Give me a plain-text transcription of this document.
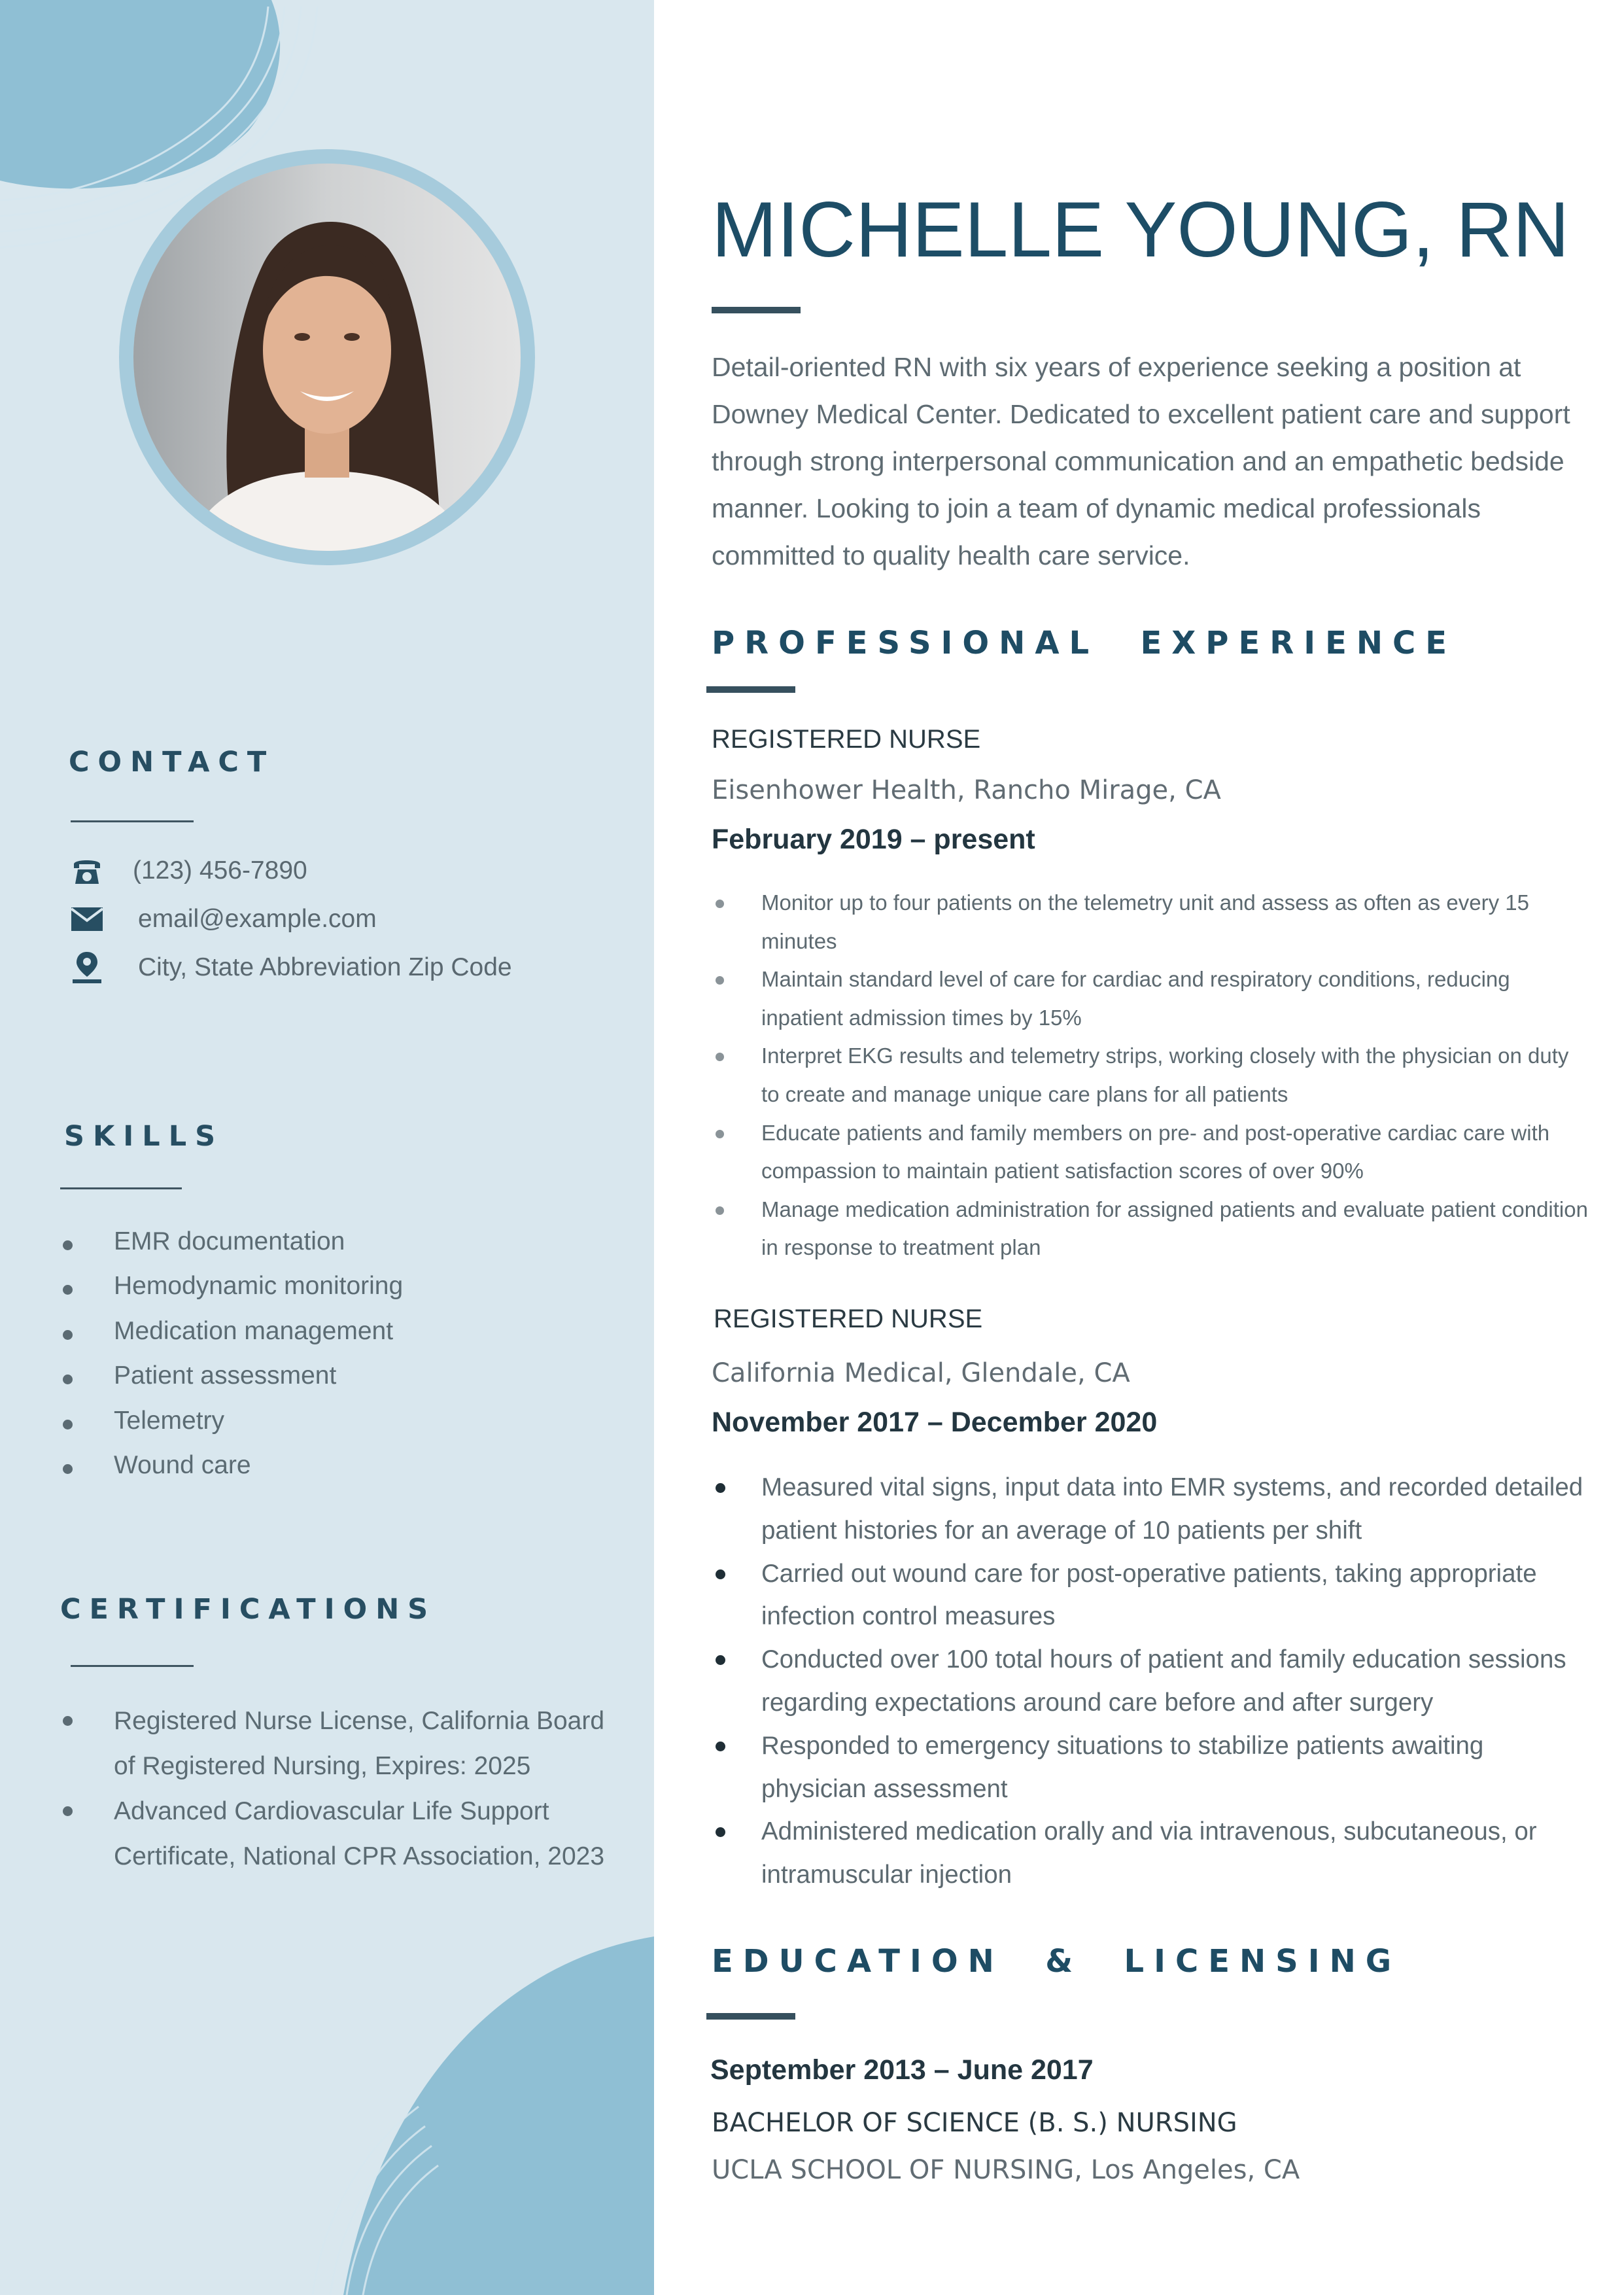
CONTACT
(123) 456-7890
email@example.com
City, State Abbreviation Zip Code
SKILLS
EMR documentation
Hemodynamic monitoring
Medication management
Patient assessment
Telemetry
Wound care
CERTIFICATIONS
Registered Nurse License, California Board of Registered Nursing, Expires: 2025
Advanced Cardiovascular Life Support Certificate, National CPR Association, 2023
MICHELLE YOUNG, RN

Detail-oriented RN with six years of experience seeking a position at Downey Medical Center. Dedicated to excellent patient care and support through strong interpersonal communication and an empathetic bedside manner. Looking to join a team of dynamic medical professionals committed to quality health care service.

PROFESSIONAL  EXPERIENCE
REGISTERED NURSE
Eisenhower Health, Rancho Mirage, CA
February 2019 – present
Monitor up to four patients on the telemetry unit and assess as often as every 15 minutes
Maintain standard level of care for cardiac and respiratory conditions, reducing inpatient admission times by 15%
Interpret EKG results and telemetry strips, working closely with the physician on duty to create and manage unique care plans for all patients
Educate patients and family members on pre- and post-operative cardiac care with compassion to maintain patient satisfaction scores of over 90%
Manage medication administration for assigned patients and evaluate patient condition in response to treatment plan
REGISTERED NURSE
California Medical, Glendale, CA
November 2017 – December 2020
Measured vital signs, input data into EMR systems, and recorded detailed patient histories for an average of 10 patients per shift
Carried out wound care for post-operative patients, taking appropriate infection control measures
Conducted over 100 total hours of patient and family education sessions regarding expectations around care before and after surgery
Responded to emergency situations to stabilize patients awaiting physician assessment
Administered medication orally and via intravenous, subcutaneous, or intramuscular injection
EDUCATION  &  LICENSING
September 2013 – June 2017
BACHELOR OF SCIENCE (B. S.) NURSING
UCLA SCHOOL OF NURSING, Los Angeles, CA
